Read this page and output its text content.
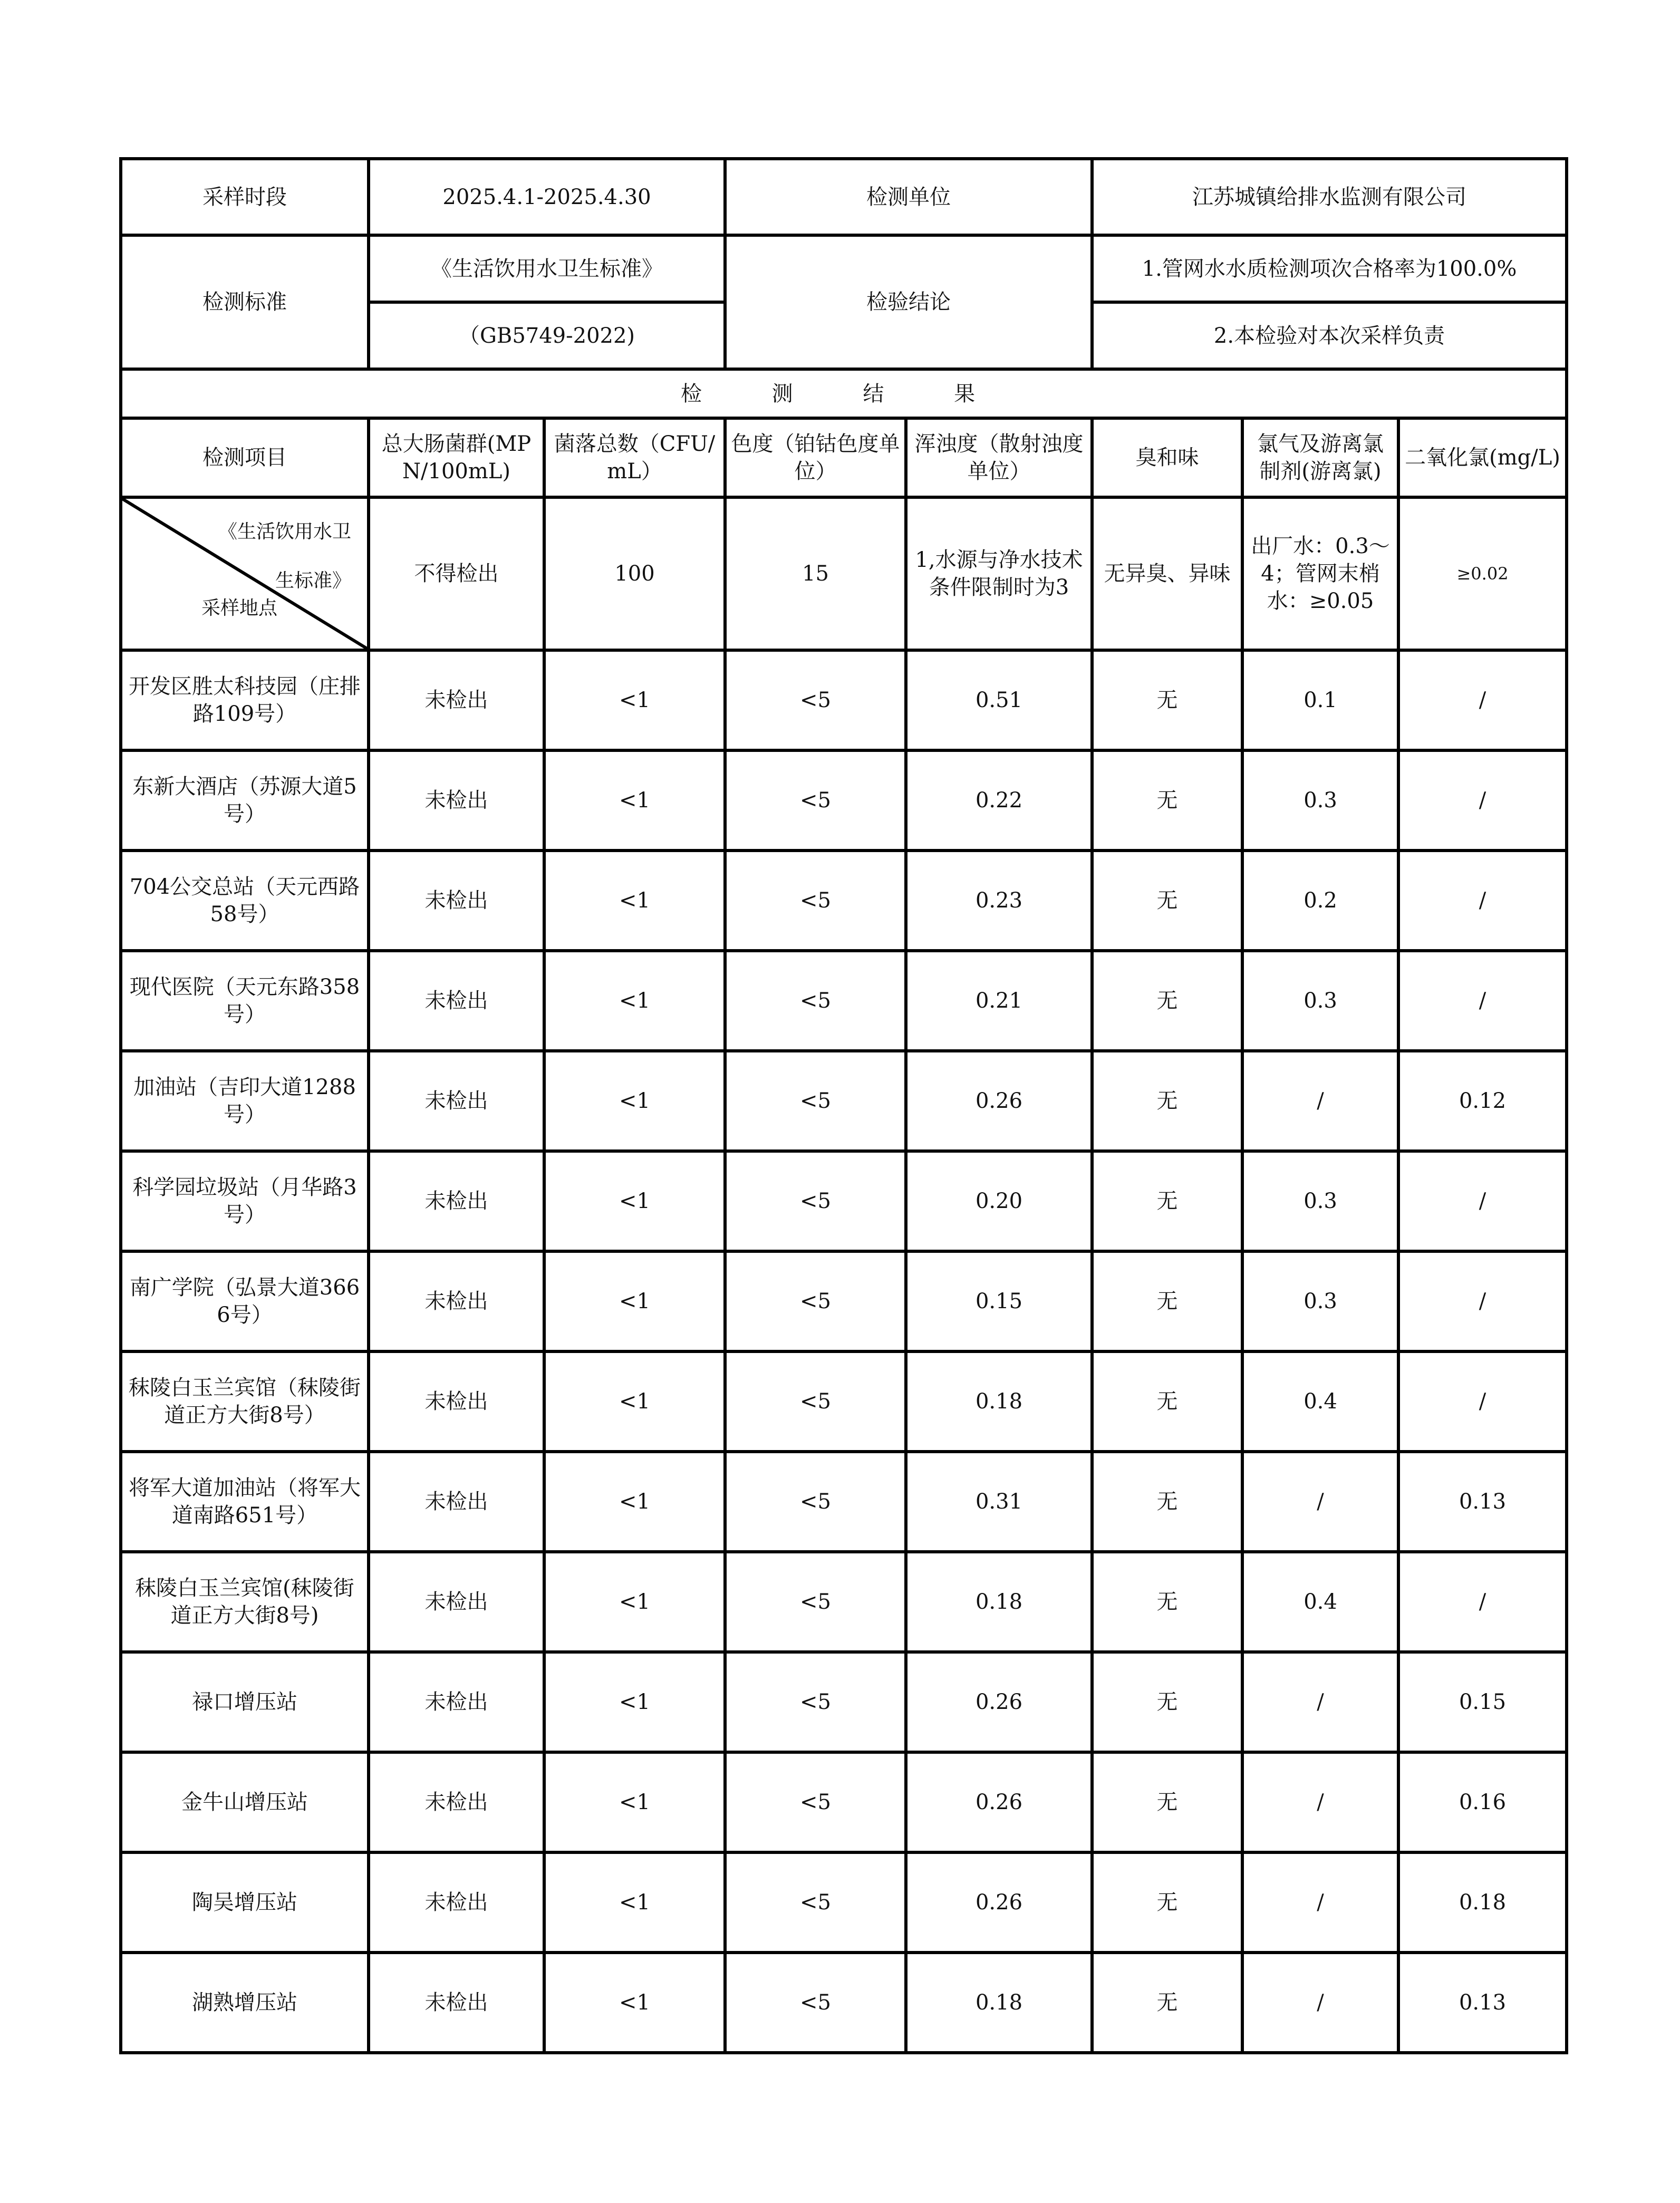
采样时段	2025.4.1-2025.4.30		检测单位		江苏城镇给排水监测有限公司		
检测标准	《生活饮用水卫生标准》		检验结论		1.管网水水质检测项次合格率为100.0%		
	（GB5749-2022)				2.本检验对本次采样负责		
检 测 结 果							
检测项目	总大肠菌群(MPN/100mL)	菌落总数（CFU/mL）	色度（铂钴色度单位）	浑浊度（散射浊度单位）	臭和味	氯气及游离氯制剂(游离氯)	二氧化氯(mg/L)

《生活饮用水卫
生标准》
采样地点	不得检出	100	15	1,水源与净水技术条件限制时为3	无异臭、异味	出厂水：0.3～4；管网末梢水：≥0.05	≥0.02
开发区胜太科技园（庄排路109号）	未检出	<1	<5	0.51	无	0.1	/
东新大酒店（苏源大道5号）	未检出	<1	<5	0.22	无	0.3	/
704公交总站（天元西路58号）	未检出	<1	<5	0.23	无	0.2	/
现代医院（天元东路358号）	未检出	<1	<5	0.21	无	0.3	/
加油站（吉印大道1288号）	未检出	<1	<5	0.26	无	/	0.12
科学园垃圾站（月华路3号）	未检出	<1	<5	0.20	无	0.3	/
南广学院（弘景大道3666号）	未检出	<1	<5	0.15	无	0.3	/
秣陵白玉兰宾馆（秣陵街道正方大街8号）	未检出	<1	<5	0.18	无	0.4	/
将军大道加油站（将军大道南路651号）	未检出	<1	<5	0.31	无	/	0.13
秣陵白玉兰宾馆(秣陵街道正方大街8号)	未检出	<1	<5	0.18	无	0.4	/
禄口增压站	未检出	<1	<5	0.26	无	/	0.15
金牛山增压站	未检出	<1	<5	0.26	无	/	0.16
陶吴增压站	未检出	<1	<5	0.26	无	/	0.18
湖熟增压站	未检出	<1	<5	0.18	无	/	0.13
